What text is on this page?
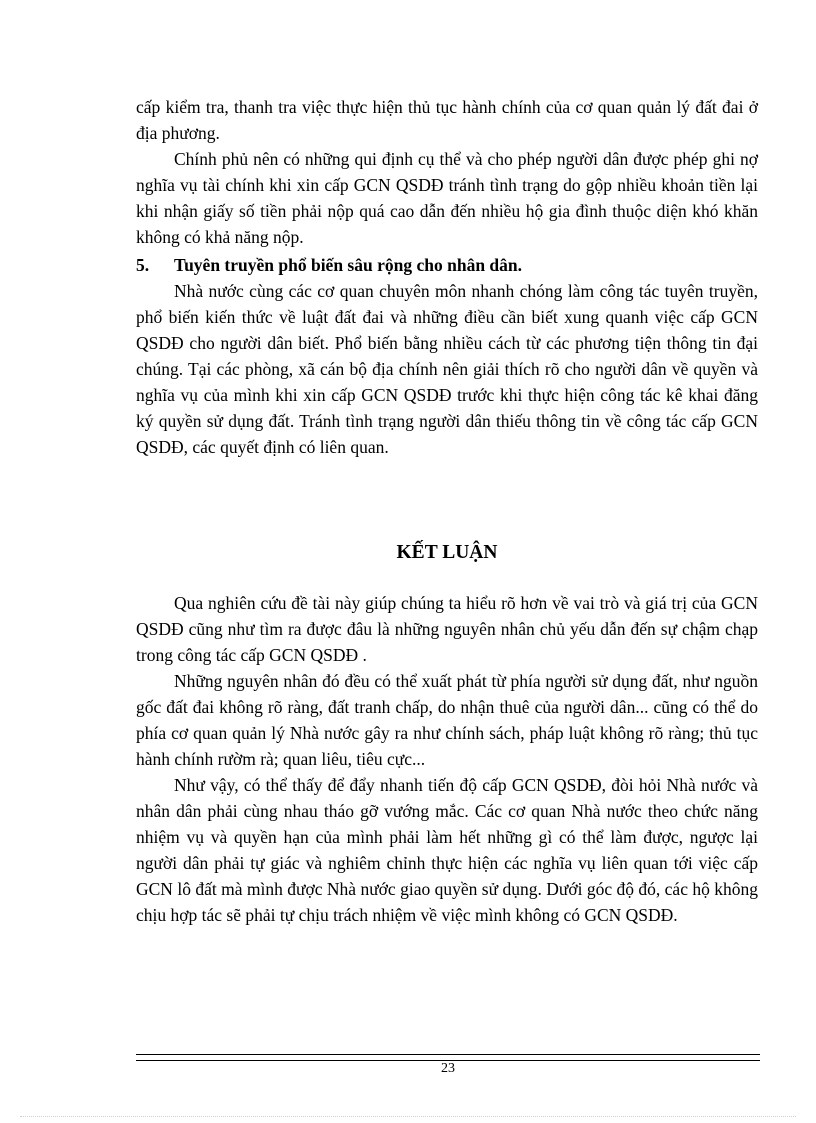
cấp kiểm tra, thanh tra việc thực hiện thủ tục hành chính của cơ quan quản lý đất đai ở địa phương.

Chính phủ nên có những qui định cụ thể và cho phép người dân được phép ghi nợ nghĩa vụ tài chính khi xin cấp GCN QSDĐ tránh tình trạng do gộp nhiều khoản tiền lại khi nhận giấy số tiền phải nộp quá cao dẫn đến nhiều hộ gia đình thuộc diện khó khăn không có khả năng nộp.

5.	Tuyên truyền phổ biến sâu rộng cho nhân dân.

Nhà nước cùng các cơ quan chuyên môn nhanh chóng làm công tác tuyên truyền, phổ biến kiến thức về luật đất đai và những điều cần biết xung quanh việc cấp GCN QSDĐ cho người dân biết. Phổ biến bằng nhiều cách từ các phương tiện thông tin đại chúng. Tại các phòng, xã cán bộ địa chính nên giải thích rõ cho người dân về quyền và nghĩa vụ của mình khi xin cấp GCN QSDĐ trước khi thực hiện công tác kê khai đăng ký quyền sử dụng đất. Tránh tình trạng người dân thiếu thông tin về công tác cấp GCN QSDĐ, các quyết định có liên quan.

KẾT LUẬN

Qua nghiên cứu đề tài này giúp chúng ta hiểu rõ hơn về vai trò và giá trị của GCN QSDĐ cũng như tìm ra được đâu là những nguyên nhân chủ yếu dẫn đến sự chậm chạp trong công tác cấp GCN QSDĐ .

Những nguyên nhân đó đều có thể xuất phát từ phía người sử dụng đất, như nguồn gốc đất đai không rõ ràng, đất tranh chấp, do nhận thuê của người dân... cũng có thể do phía cơ quan quản lý Nhà nước gây ra như chính sách, pháp luật không rõ ràng; thủ tục hành chính rườm rà; quan liêu, tiêu cực...

Như vậy, có thể thấy để đẩy nhanh tiến độ cấp GCN QSDĐ, đòi hỏi Nhà nước và nhân dân phải cùng nhau tháo gỡ vướng mắc. Các cơ quan Nhà nước theo chức năng nhiệm vụ và quyền hạn của mình phải làm hết những gì có thể làm được, ngược lại người dân phải tự giác và nghiêm chỉnh thực hiện các nghĩa vụ liên quan tới việc cấp GCN lô đất mà mình được Nhà nước giao quyền sử dụng. Dưới góc độ đó, các hộ không chịu hợp tác sẽ phải tự chịu trách nhiệm về việc mình không có GCN QSDĐ.

23
